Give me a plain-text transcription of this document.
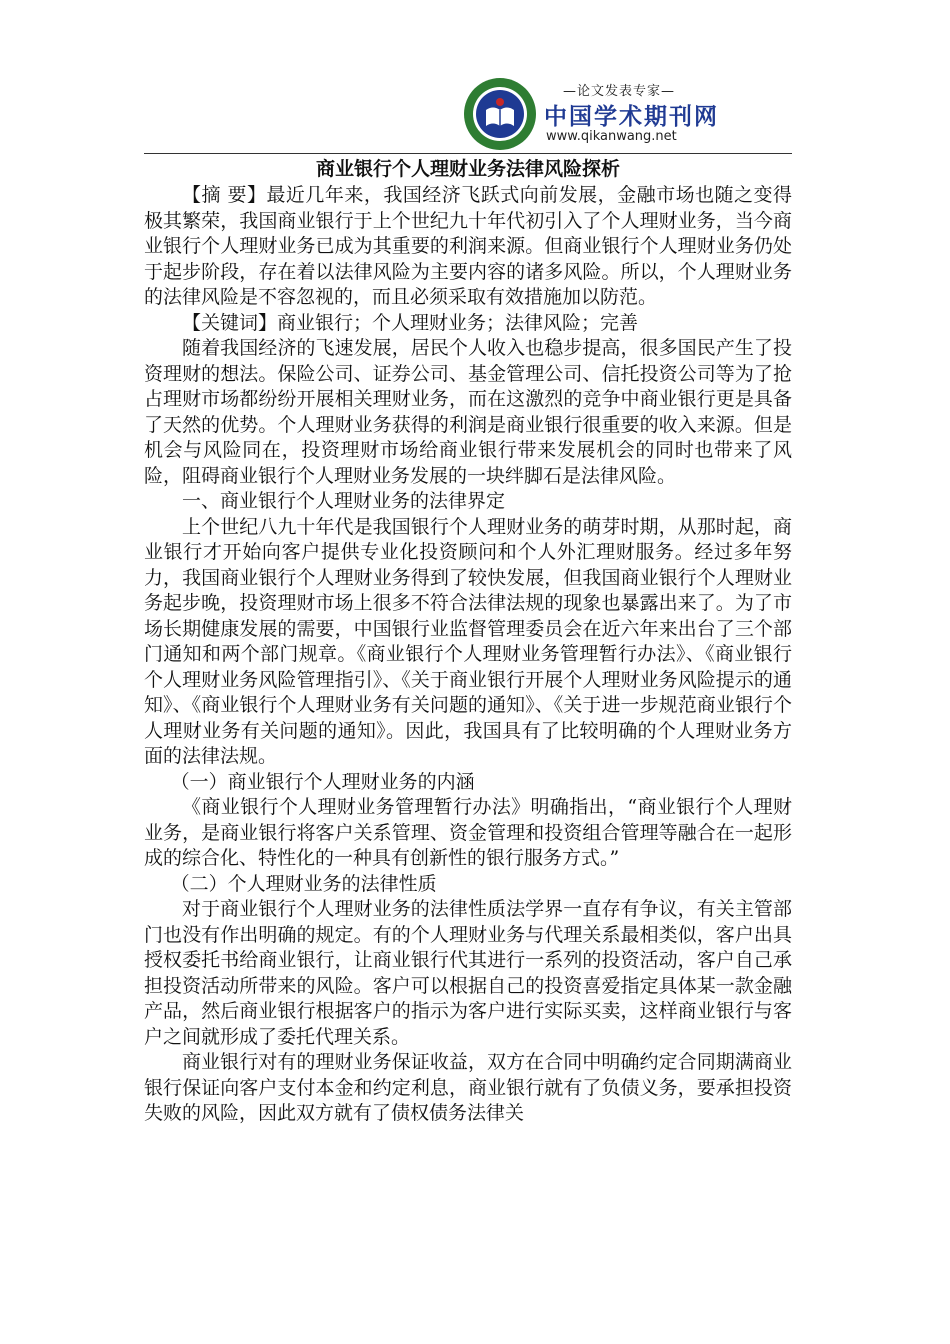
—论文发表专家—
中国学术期刊网
www.qikanwang.net
商业银行个人理财业务法律风险探析

【摘 要】最近几年来，我国经济飞跃式向前发展，金融市场也随之变得极其繁荣，我国商业银行于上个世纪九十年代初引入了个人理财业务，当今商业银行个人理财业务已成为其重要的利润来源。但商业银行个人理财业务仍处于起步阶段，存在着以法律风险为主要内容的诸多风险。所以，个人理财业务的法律风险是不容忽视的，而且必须采取有效措施加以防范。

【关键词】商业银行；个人理财业务；法律风险；完善

随着我国经济的飞速发展，居民个人收入也稳步提高，很多国民产生了投资理财的想法。保险公司、证券公司、基金管理公司、信托投资公司等为了抢占理财市场都纷纷开展相关理财业务，而在这激烈的竞争中商业银行更是具备了天然的优势。个人理财业务获得的利润是商业银行很重要的收入来源。但是机会与风险同在，投资理财市场给商业银行带来发展机会的同时也带来了风险，阻碍商业银行个人理财业务发展的一块绊脚石是法律风险。

一、商业银行个人理财业务的法律界定

上个世纪八九十年代是我国银行个人理财业务的萌芽时期，从那时起，商业银行才开始向客户提供专业化投资顾问和个人外汇理财服务。经过多年努力，我国商业银行个人理财业务得到了较快发展，但我国商业银行个人理财业务起步晚，投资理财市场上很多不符合法律法规的现象也暴露出来了。为了市场长期健康发展的需要，中国银行业监督管理委员会在近六年来出台了三个部门通知和两个部门规章。《商业银行个人理财业务管理暂行办法》、《商业银行个人理财业务风险管理指引》、《关于商业银行开展个人理财业务风险提示的通知》、《商业银行个人理财业务有关问题的通知》、《关于进一步规范商业银行个人理财业务有关问题的通知》。因此，我国具有了比较明确的个人理财业务方面的法律法规。

（一）商业银行个人理财业务的内涵

《商业银行个人理财业务管理暂行办法》明确指出，“商业银行个人理财业务，是商业银行将客户关系管理、资金管理和投资组合管理等融合在一起形成的综合化、特性化的一种具有创新性的银行服务方式。”

（二）个人理财业务的法律性质

对于商业银行个人理财业务的法律性质法学界一直存有争议，有关主管部门也没有作出明确的规定。有的个人理财业务与代理关系最相类似，客户出具授权委托书给商业银行，让商业银行代其进行一系列的投资活动，客户自己承担投资活动所带来的风险。客户可以根据自己的投资喜爱指定具体某一款金融产品，然后商业银行根据客户的指示为客户进行实际买卖，这样商业银行与客户之间就形成了委托代理关系。

商业银行对有的理财业务保证收益，双方在合同中明确约定合同期满商业银行保证向客户支付本金和约定利息，商业银行就有了负债义务，要承担投资失败的风险，因此双方就有了债权债务法律关
